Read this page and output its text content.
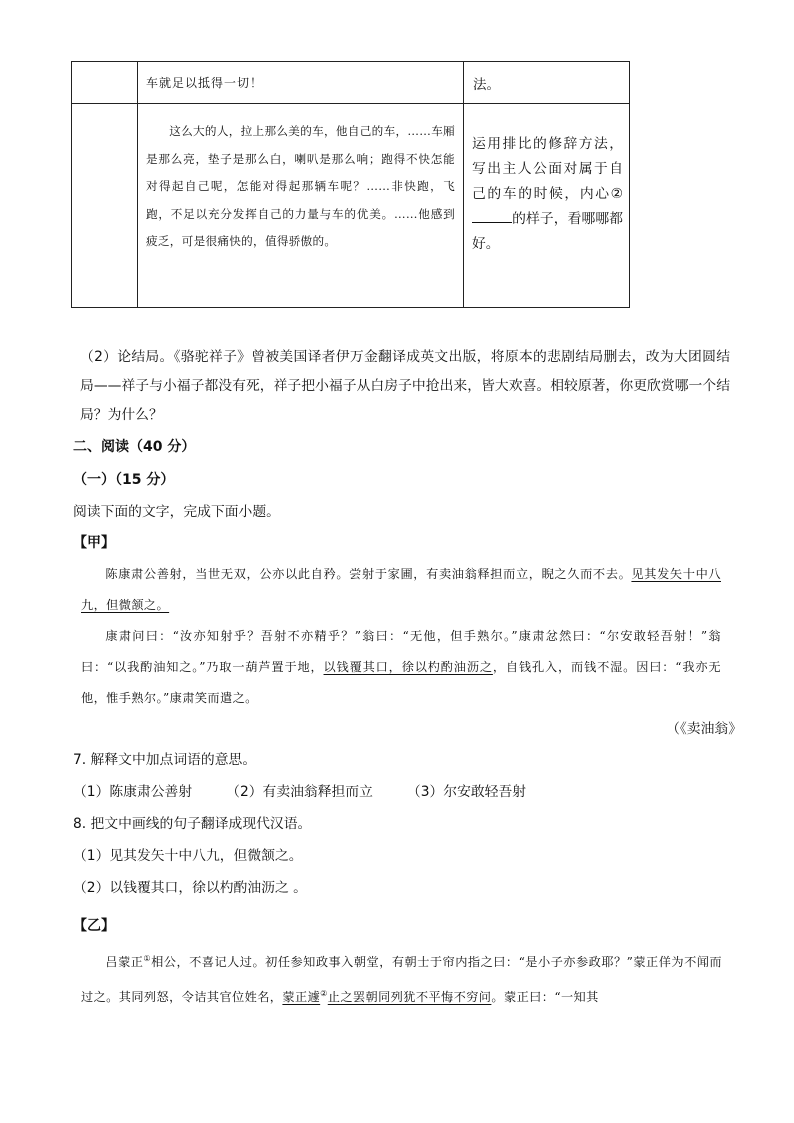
	车就足以抵得一切！	法。

	这么大的人，拉上那么美的车，他自己的车，……车厢是那么亮，垫子是那么白，喇叭是那么响；跑得不快怎能对得起自己呢，怎能对得起那辆车呢？……非快跑，飞跑，不足以充分发挥自己的力量与车的优美。……他感到疲乏，可是很痛快的，值得骄傲的。	运用排比的修辞方法，写出主人公面对属于自己的车的时候，内心②的样子，看哪哪都好。
（2）论结局。《骆驼祥子》曾被美国译者伊万金翻译成英文出版，将原本的悲剧结局删去，改为大团圆结局——祥子与小福子都没有死，祥子把小福子从白房子中抢出来，皆大欢喜。相较原著，你更欣赏哪一个结局？为什么？
二、阅读（40 分）
（一）（15 分）
阅读下面的文字，完成下面小题。
【甲】

陈康肃公善射，当世无双，公亦以此自矜。尝射于家圃，有卖油翁释担而立，睨之久而不去。见其发矢十中八九，但微颔之。

康肃问曰：“汝亦知射乎？吾射不亦精乎？”翁曰：“无他，但手熟尔。”康肃忿然曰：“尔安敢轻吾射！”翁曰：“以我酌油知之。”乃取一葫芦置于地，以钱覆其口，徐以杓酌油沥之，自钱孔入，而钱不湿。因曰：“我亦无他，惟手熟尔。”康肃笑而遣之。

（《卖油翁》
7. 解释文中加点词语的意思。
（1）陈康肃公善射 （2）有卖油翁释担而立 （3）尔安敢轻吾射
8. 把文中画线的句子翻译成现代汉语。
（1）见其发矢十中八九，但微颔之。
（2）以钱覆其口，徐以杓酌油沥之 。
【乙】

吕蒙正①相公，不喜记人过。初任参知政事入朝堂，有朝士于帘内指之曰：“是小子亦参政耶？”蒙正佯为不闻而过之。其同列怒，令诘其官位姓名，蒙正遽②止之罢朝同列犹不平悔不穷问。蒙正曰：“一知其
